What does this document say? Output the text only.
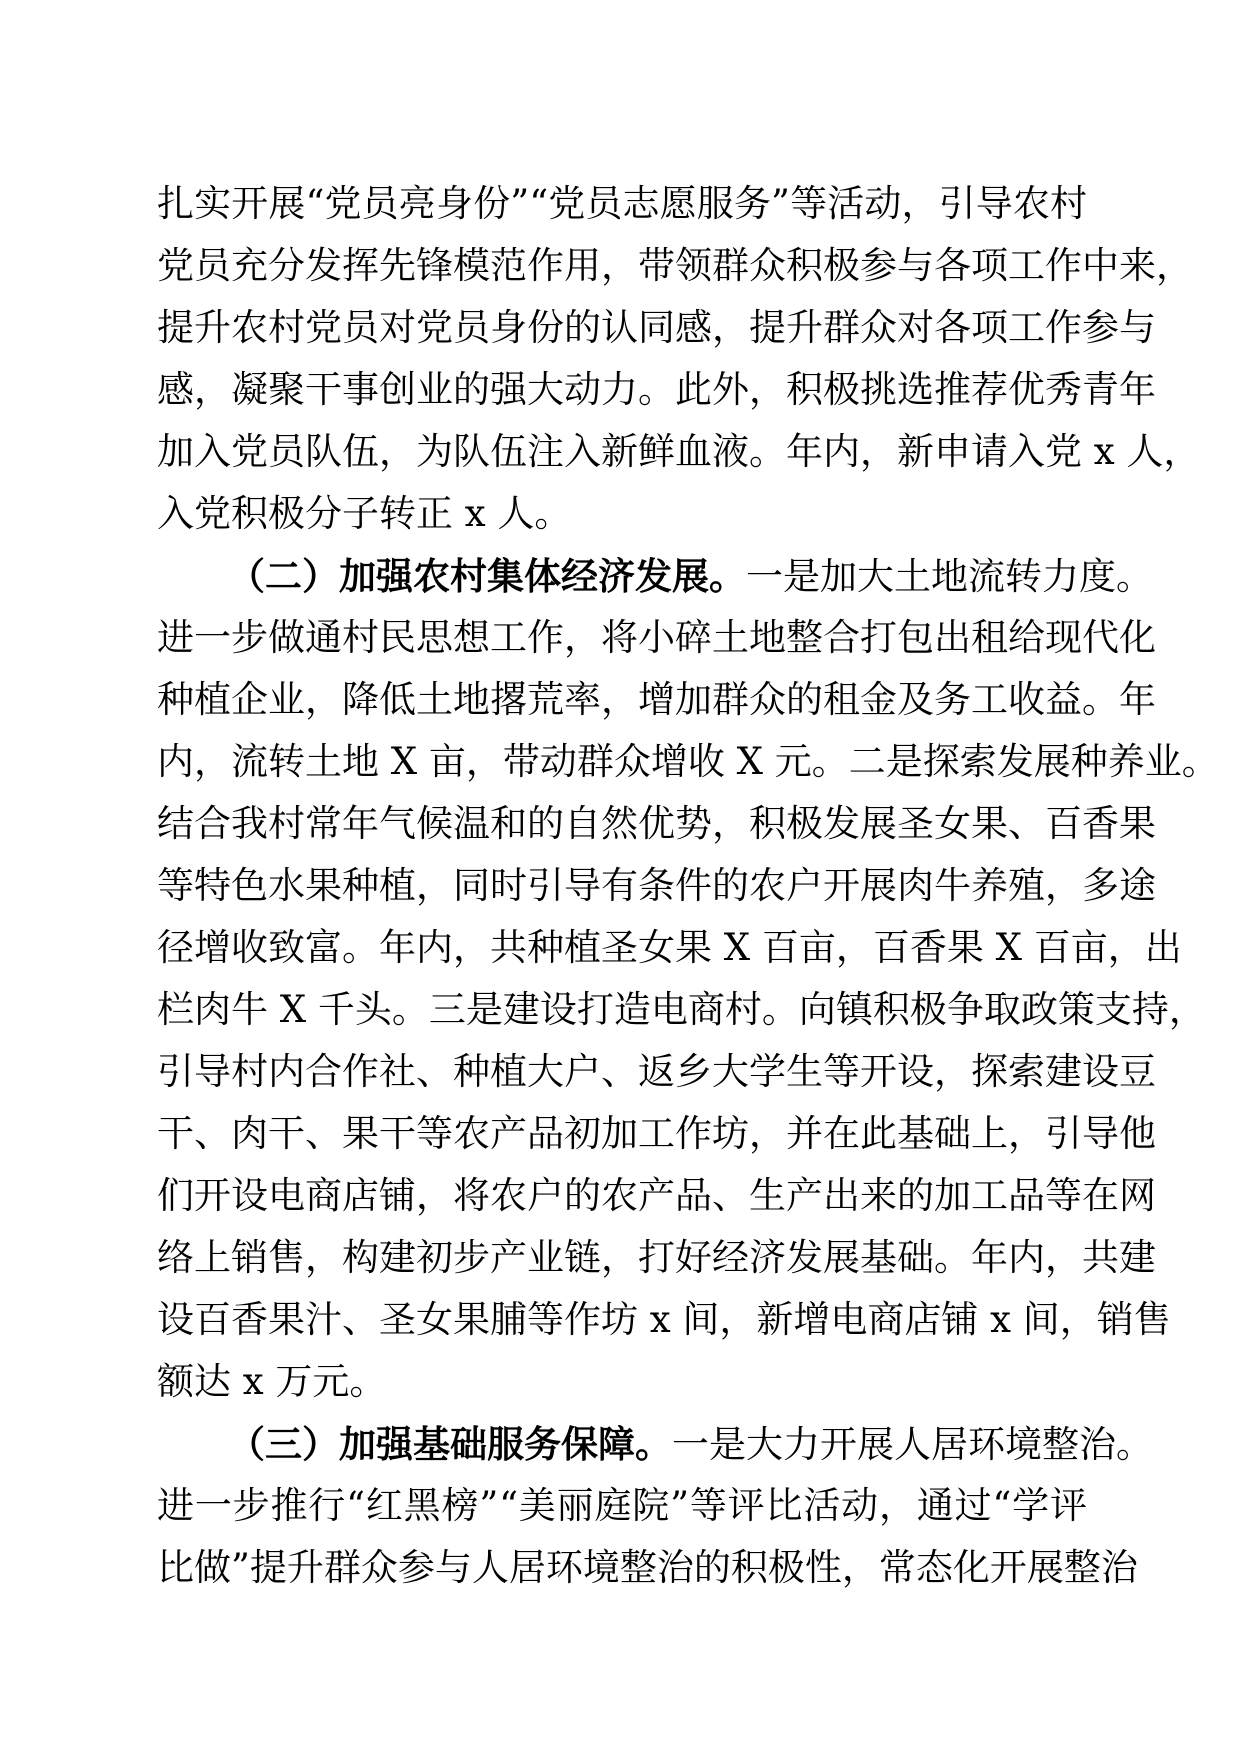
扎实开展“党员亮身份”“党员志愿服务”等活动，引导农村
党员充分发挥先锋模范作用，带领群众积极参与各项工作中来，
提升农村党员对党员身份的认同感，提升群众对各项工作参与
感，凝聚干事创业的强大动力。此外，积极挑选推荐优秀青年
加入党员队伍，为队伍注入新鲜血液。年内，新申请入党 x 人，
入党积极分子转正 x 人。
（二）加强农村集体经济发展。一是加大土地流转力度。
进一步做通村民思想工作，将小碎土地整合打包出租给现代化
种植企业，降低土地撂荒率，增加群众的租金及务工收益。年
内，流转土地 X 亩，带动群众增收 X 元。二是探索发展种养业。
结合我村常年气候温和的自然优势，积极发展圣女果、百香果
等特色水果种植，同时引导有条件的农户开展肉牛养殖，多途
径增收致富。年内，共种植圣女果 X 百亩，百香果 X 百亩，出
栏肉牛 X 千头。三是建设打造电商村。向镇积极争取政策支持，
引导村内合作社、种植大户、返乡大学生等开设，探索建设豆
干、肉干、果干等农产品初加工作坊，并在此基础上，引导他
们开设电商店铺，将农户的农产品、生产出来的加工品等在网
络上销售，构建初步产业链，打好经济发展基础。年内，共建
设百香果汁、圣女果脯等作坊 x 间，新增电商店铺 x 间，销售
额达 x 万元。
（三）加强基础服务保障。一是大力开展人居环境整治。
进一步推行“红黑榜”“美丽庭院”等评比活动，通过“学评
比做”提升群众参与人居环境整治的积极性，常态化开展整治
